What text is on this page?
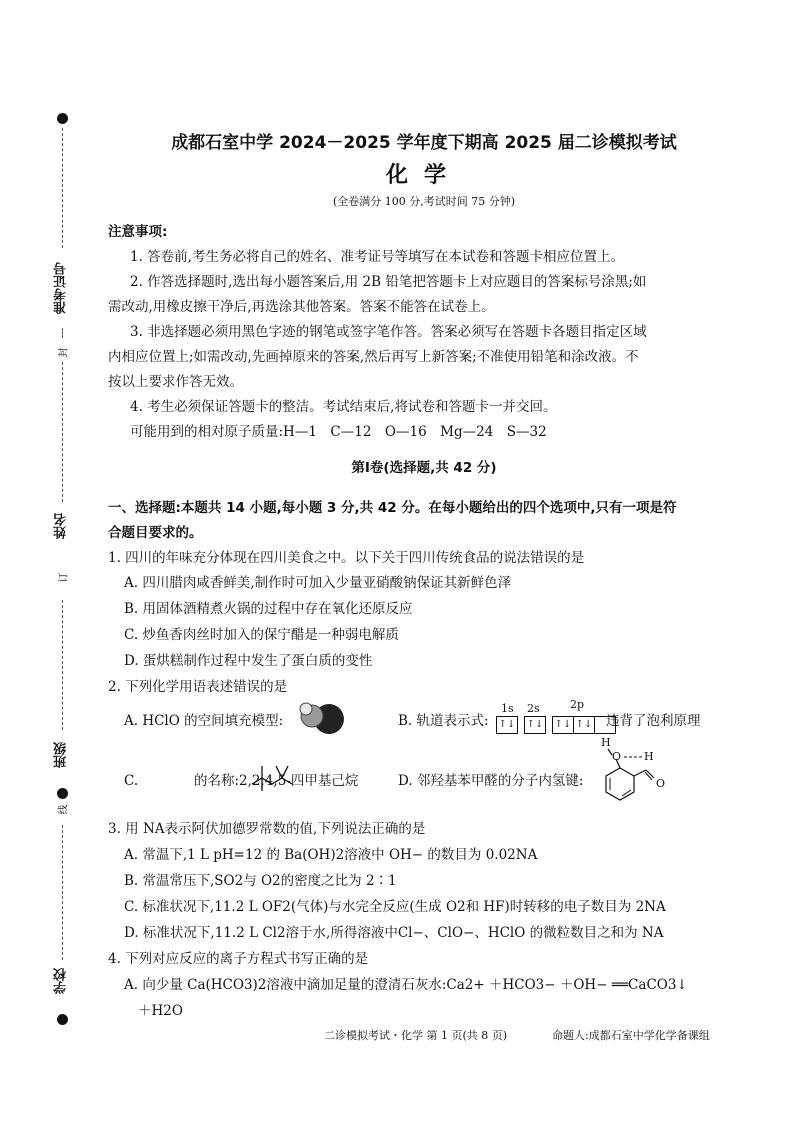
准考证号
封
姓名
订
班级
线
学校
成都石室中学 2024－2025 学年度下期高 2025 届二诊模拟考试
化学
(全卷满分 100 分,考试时间 75 分钟)
注意事项:
1. 答卷前,考生务必将自己的姓名、准考证号等填写在本试卷和答题卡相应位置上。
2. 作答选择题时,选出每小题答案后,用 2B 铅笔把答题卡上对应题目的答案标号涂黑;如
需改动,用橡皮擦干净后,再选涂其他答案。答案不能答在试卷上。
3. 非选择题必须用黑色字迹的钢笔或签字笔作答。答案必须写在答题卡各题目指定区域
内相应位置上;如需改动,先画掉原来的答案,然后再写上新答案;不准使用铅笔和涂改液。不
按以上要求作答无效。
4. 考生必须保证答题卡的整洁。考试结束后,将试卷和答题卡一并交回。
可能用到的相对原子质量:H—1　C—12　O—16　Mg—24　S—32
第Ⅰ卷(选择题,共 42 分)
一、选择题:本题共 14 小题,每小题 3 分,共 42 分。在每小题给出的四个选项中,只有一项是符
合题目要求的。
1. 四川的年味充分体现在四川美食之中。以下关于四川传统食品的说法错误的是
A. 四川腊肉咸香鲜美,制作时可加入少量亚硝酸钠保证其新鲜色泽
B. 用固体酒精煮火锅的过程中存在氧化还原反应
C. 炒鱼香肉丝时加入的保宁醋是一种弱电解质
D. 蛋烘糕制作过程中发生了蛋白质的变性
2. 下列化学用语表述错误的是
A. HClO 的空间填充模型:	B. 轨道表示式:
1s 2s	2p
↑↓ ↑↓ ↑↓ ↑↓ 违背了泡利原理
C.	的名称:2,2,4,5-四甲基己烷	D. 邻羟基苯甲醛的分子内氢键:
H
O H
O
3. 用 NA表示阿伏加德罗常数的值,下列说法正确的是
A. 常温下,1 L pH=12 的 Ba(OH)2溶液中 OH− 的数目为 0.02NA
B. 常温常压下,SO2与 O2的密度之比为 2∶1
C. 标准状况下,11.2 L OF2(气体)与水完全反应(生成 O2和 HF)时转移的电子数目为 2NA
D. 标准状况下,11.2 L Cl2溶于水,所得溶液中Cl−、ClO−、HClO 的微粒数目之和为 NA
4. 下列对应反应的离子方程式书写正确的是
A. 向少量 Ca(HCO3)2溶液中滴加足量的澄清石灰水:Ca2+ ＋HCO3− ＋OH− ══CaCO3↓
＋H2O
二诊模拟考试・化学 第 1 页(共 8 页)	命题人:成都石室中学化学备课组
